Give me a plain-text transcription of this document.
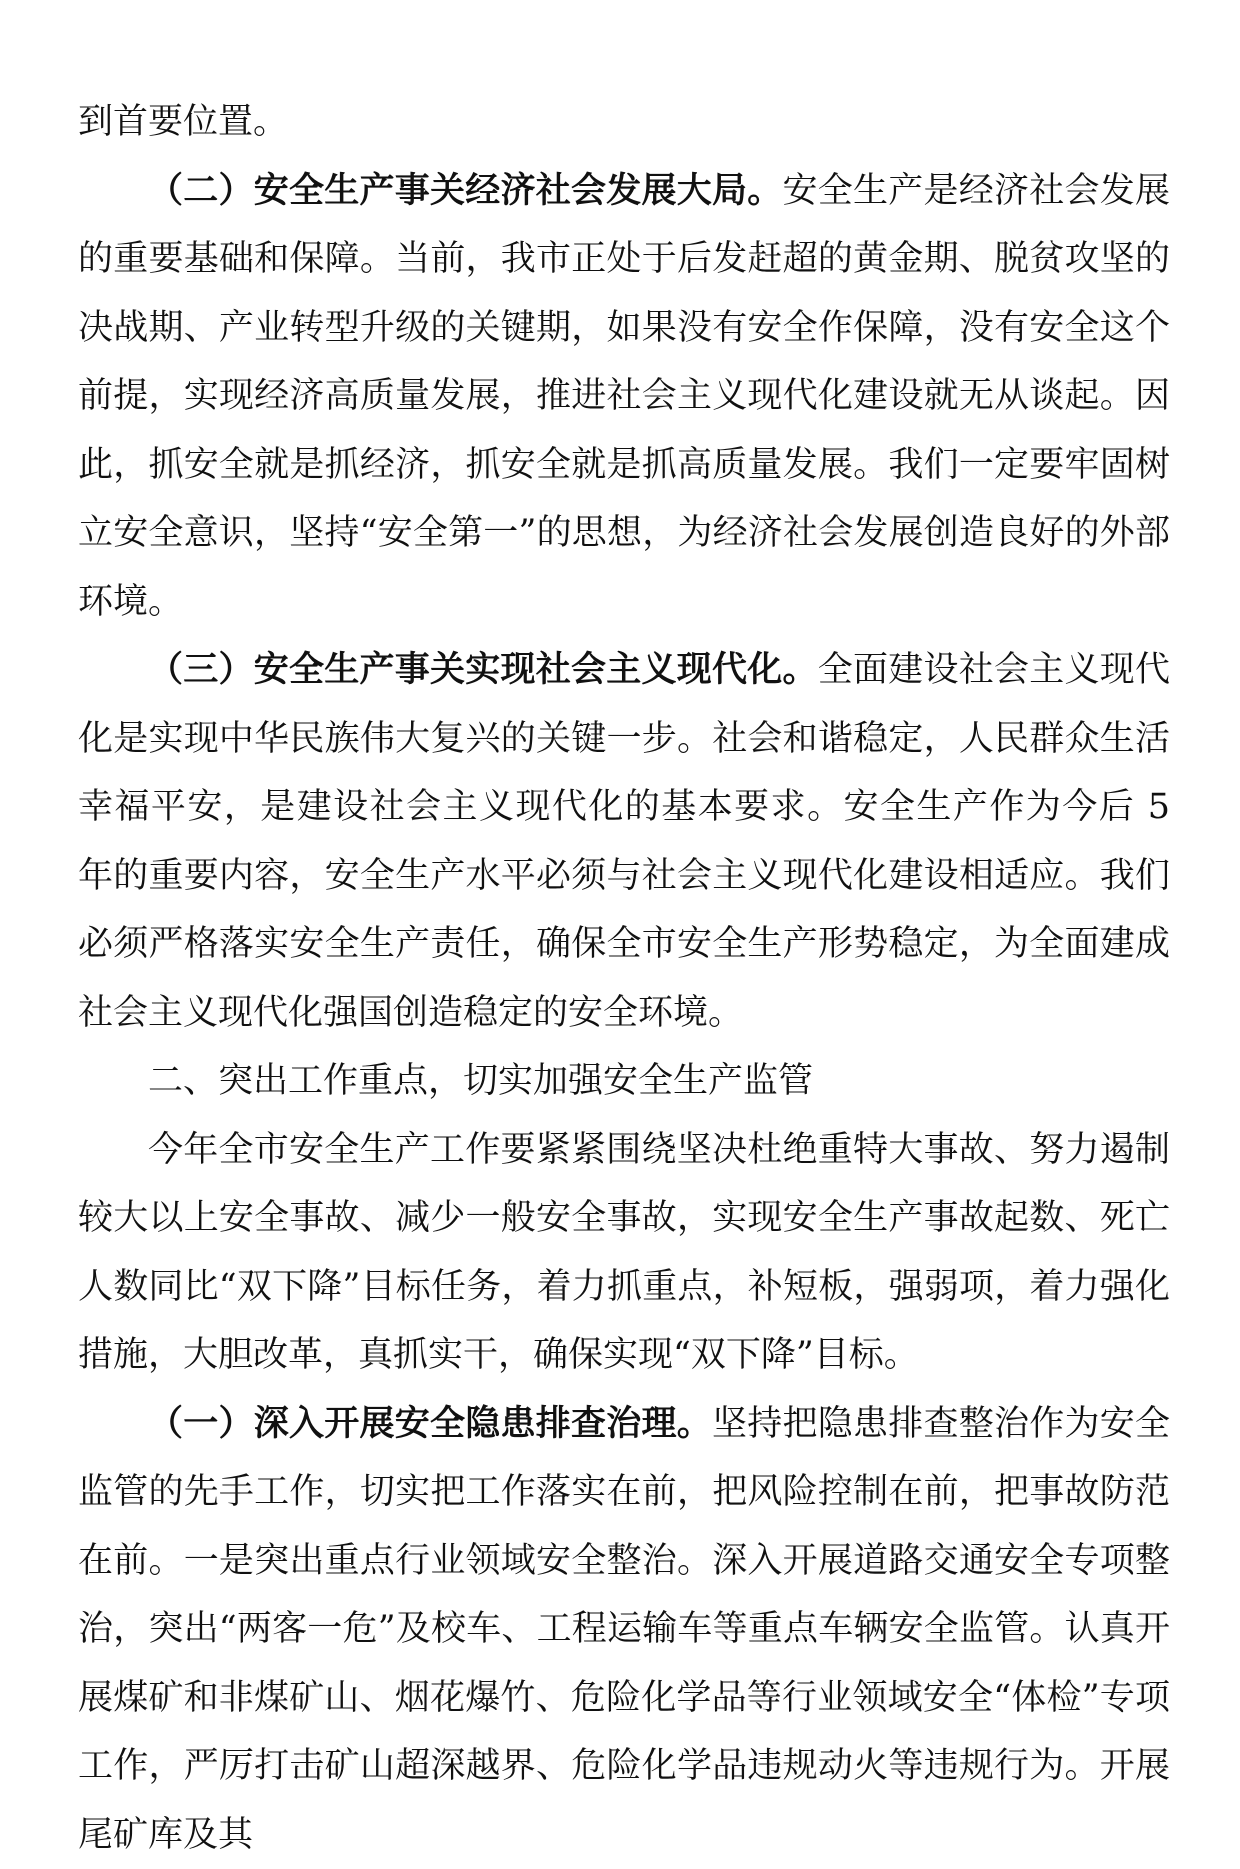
到首要位置。

（二）安全生产事关经济社会发展大局。安全生产是经济社会发展的重要基础和保障。当前，我市正处于后发赶超的黄金期、脱贫攻坚的决战期、产业转型升级的关键期，如果没有安全作保障，没有安全这个前提，实现经济高质量发展，推进社会主义现代化建设就无从谈起。因此，抓安全就是抓经济，抓安全就是抓高质量发展。我们一定要牢固树立安全意识，坚持“安全第一”的思想，为经济社会发展创造良好的外部环境。

（三）安全生产事关实现社会主义现代化。全面建设社会主义现代化是实现中华民族伟大复兴的关键一步。社会和谐稳定，人民群众生活幸福平安，是建设社会主义现代化的基本要求。安全生产作为今后 5 年的重要内容，安全生产水平必须与社会主义现代化建设相适应。我们必须严格落实安全生产责任，确保全市安全生产形势稳定，为全面建成社会主义现代化强国创造稳定的安全环境。

二、突出工作重点，切实加强安全生产监管

今年全市安全生产工作要紧紧围绕坚决杜绝重特大事故、努力遏制较大以上安全事故、减少一般安全事故，实现安全生产事故起数、死亡人数同比“双下降”目标任务，着力抓重点，补短板，强弱项，着力强化措施，大胆改革，真抓实干，确保实现“双下降”目标。

（一）深入开展安全隐患排查治理。坚持把隐患排查整治作为安全监管的先手工作，切实把工作落实在前，把风险控制在前，把事故防范在前。一是突出重点行业领域安全整治。深入开展道路交通安全专项整治，突出“两客一危”及校车、工程运输车等重点车辆安全监管。认真开展煤矿和非煤矿山、烟花爆竹、危险化学品等行业领域安全“体检”专项工作，严厉打击矿山超深越界、危险化学品违规动火等违规行为。开展尾矿库及其
